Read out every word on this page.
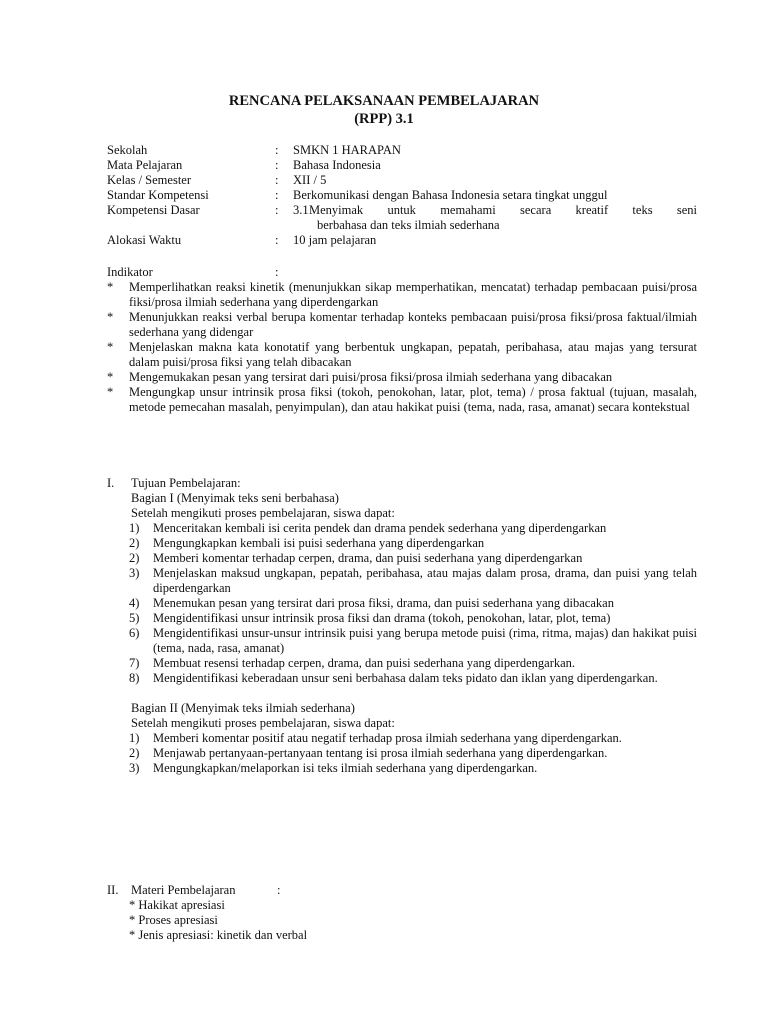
RENCANA PELAKSANAAN PEMBELAJARAN
(RPP) 3.1
Sekolah	:	SMKN 1 HARAPAN
Mata Pelajaran	:	Bahasa Indonesia
Kelas / Semester	:	XII / 5
Standar Kompetensi	:	Berkomunikasi dengan Bahasa Indonesia setara tingkat unggul
Kompetensi Dasar	:	3.1 Menyimak untuk memahami secara kreatif teks seni
berbahasa dan teks ilmiah sederhana
Alokasi Waktu	:	10 jam pelajaran
Indikator	:
*	Memperlihatkan reaksi kinetik (menunjukkan sikap memperhatikan, mencatat) terhadap pembacaan puisi/prosa fiksi/prosa ilmiah sederhana yang diperdengarkan
*	Menunjukkan reaksi verbal berupa komentar terhadap konteks pembacaan puisi/prosa fiksi/prosa faktual/ilmiah sederhana yang didengar
*	Menjelaskan makna kata konotatif yang berbentuk ungkapan, pepatah, peribahasa, atau majas yang tersurat dalam puisi/prosa fiksi yang telah dibacakan
*	Mengemukakan pesan yang tersirat dari puisi/prosa fiksi/prosa ilmiah sederhana yang dibacakan
*	Mengungkap unsur intrinsik prosa fiksi (tokoh, penokohan, latar, plot, tema) / prosa faktual (tujuan, masalah, metode pemecahan masalah, penyimpulan), dan atau hakikat puisi (tema, nada, rasa, amanat) secara kontekstual
I.	Tujuan Pembelajaran:
Bagian I (Menyimak teks seni berbahasa)
Setelah mengikuti proses pembelajaran, siswa dapat:
1)	Menceritakan kembali isi cerita pendek dan drama pendek sederhana yang diperdengarkan
2)	Mengungkapkan kembali isi puisi sederhana yang diperdengarkan
2)	Memberi komentar terhadap cerpen, drama, dan puisi sederhana yang diperdengarkan
3)	Menjelaskan maksud ungkapan, pepatah, peribahasa, atau majas dalam prosa, drama, dan puisi yang telah diperdengarkan
4)	Menemukan pesan yang tersirat dari prosa fiksi, drama, dan puisi sederhana yang dibacakan
5)	Mengidentifikasi unsur intrinsik prosa fiksi dan drama (tokoh, penokohan, latar, plot, tema)
6)	Mengidentifikasi unsur-unsur intrinsik puisi yang berupa metode puisi (rima, ritma, majas) dan hakikat puisi (tema, nada, rasa, amanat)
7)	Membuat resensi terhadap cerpen, drama, dan puisi sederhana yang diperdengarkan.
8)	Mengidentifikasi keberadaan unsur seni berbahasa dalam teks pidato dan iklan yang diperdengarkan.
Bagian II (Menyimak teks ilmiah sederhana)
Setelah mengikuti proses pembelajaran, siswa dapat:
1)	Memberi komentar positif atau negatif terhadap prosa ilmiah sederhana yang diperdengarkan.
2)	Menjawab pertanyaan-pertanyaan tentang isi prosa ilmiah sederhana yang diperdengarkan.
3)	Mengungkapkan/melaporkan isi teks ilmiah sederhana yang diperdengarkan.
II.	Materi Pembelajaran	:
* Hakikat apresiasi
* Proses apresiasi
* Jenis apresiasi: kinetik dan verbal
